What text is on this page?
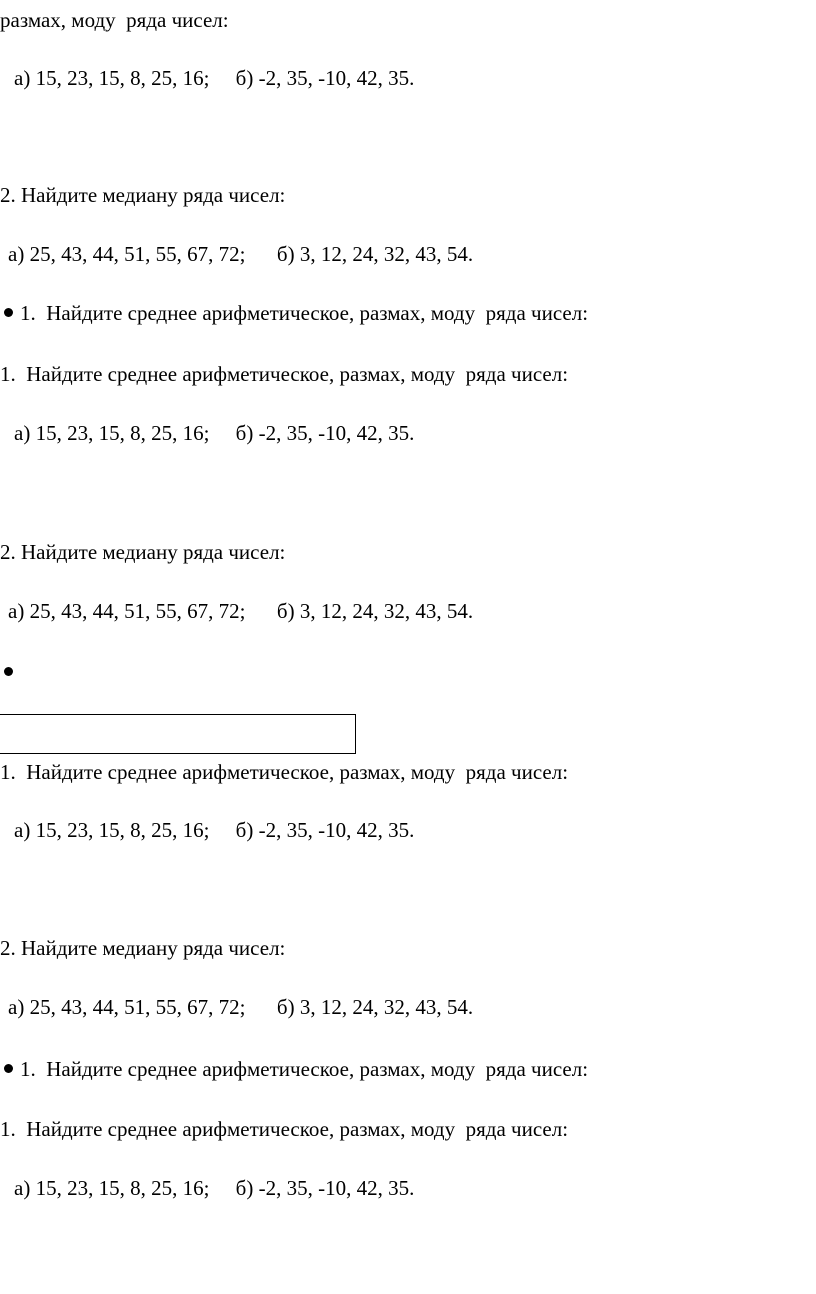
размах, моду  ряда чисел:
а) 15, 23, 15, 8, 25, 16;     б) -2, 35, -10, 42, 35.
2. Найдите медиану ряда чисел:
а) 25, 43, 44, 51, 55, 67, 72;      б) 3, 12, 24, 32, 43, 54.
1.  Найдите среднее арифметическое, размах, моду  ряда чисел:
1.  Найдите среднее арифметическое, размах, моду  ряда чисел:
а) 15, 23, 15, 8, 25, 16;     б) -2, 35, -10, 42, 35.
2. Найдите медиану ряда чисел:
а) 25, 43, 44, 51, 55, 67, 72;      б) 3, 12, 24, 32, 43, 54.
1.  Найдите среднее арифметическое, размах, моду  ряда чисел:
а) 15, 23, 15, 8, 25, 16;     б) -2, 35, -10, 42, 35.
2. Найдите медиану ряда чисел:
а) 25, 43, 44, 51, 55, 67, 72;      б) 3, 12, 24, 32, 43, 54.
1.  Найдите среднее арифметическое, размах, моду  ряда чисел:
1.  Найдите среднее арифметическое, размах, моду  ряда чисел:
а) 15, 23, 15, 8, 25, 16;     б) -2, 35, -10, 42, 35.
